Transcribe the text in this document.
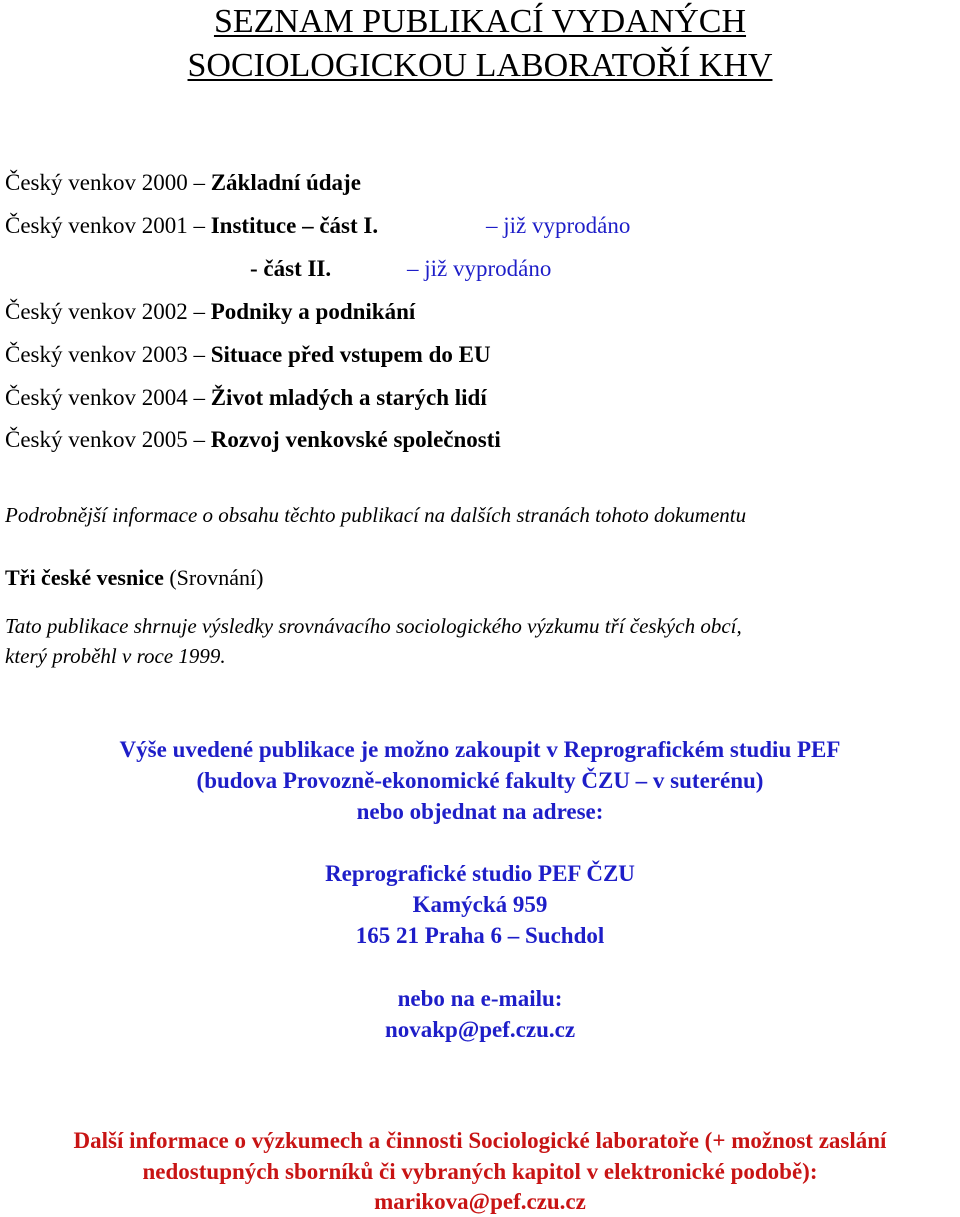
SEZNAM PUBLIKACÍ VYDANÝCH
SOCIOLOGICKOU LABORATOŘÍ KHV
Český venkov 2000 – Základní údaje
Český venkov 2001 – Instituce – část I.	– již vyprodáno
- část II.	– již vyprodáno
Český venkov 2002 – Podniky a podnikání
Český venkov 2003 – Situace před vstupem do EU
Český venkov 2004 – Život mladých a starých lidí
Český venkov 2005 – Rozvoj venkovské společnosti
Podrobnější informace o obsahu těchto publikací na dalších stranách tohoto dokumentu
Tři české vesnice (Srovnání)
Tato publikace shrnuje výsledky srovnávacího sociologického výzkumu tří českých obcí,
který proběhl v roce 1999.
Výše uvedené publikace je možno zakoupit v Reprografickém studiu PEF
(budova Provozně-ekonomické fakulty ČZU – v suterénu)
nebo objednat na adrese:
Reprografické studio PEF ČZU
Kamýcká 959
165 21 Praha 6 – Suchdol
nebo na e-mailu:
novakp@pef.czu.cz
Další informace o výzkumech a činnosti Sociologické laboratoře (+ možnost zaslání
nedostupných sborníků či vybraných kapitol v elektronické podobě):
marikova@pef.czu.cz
